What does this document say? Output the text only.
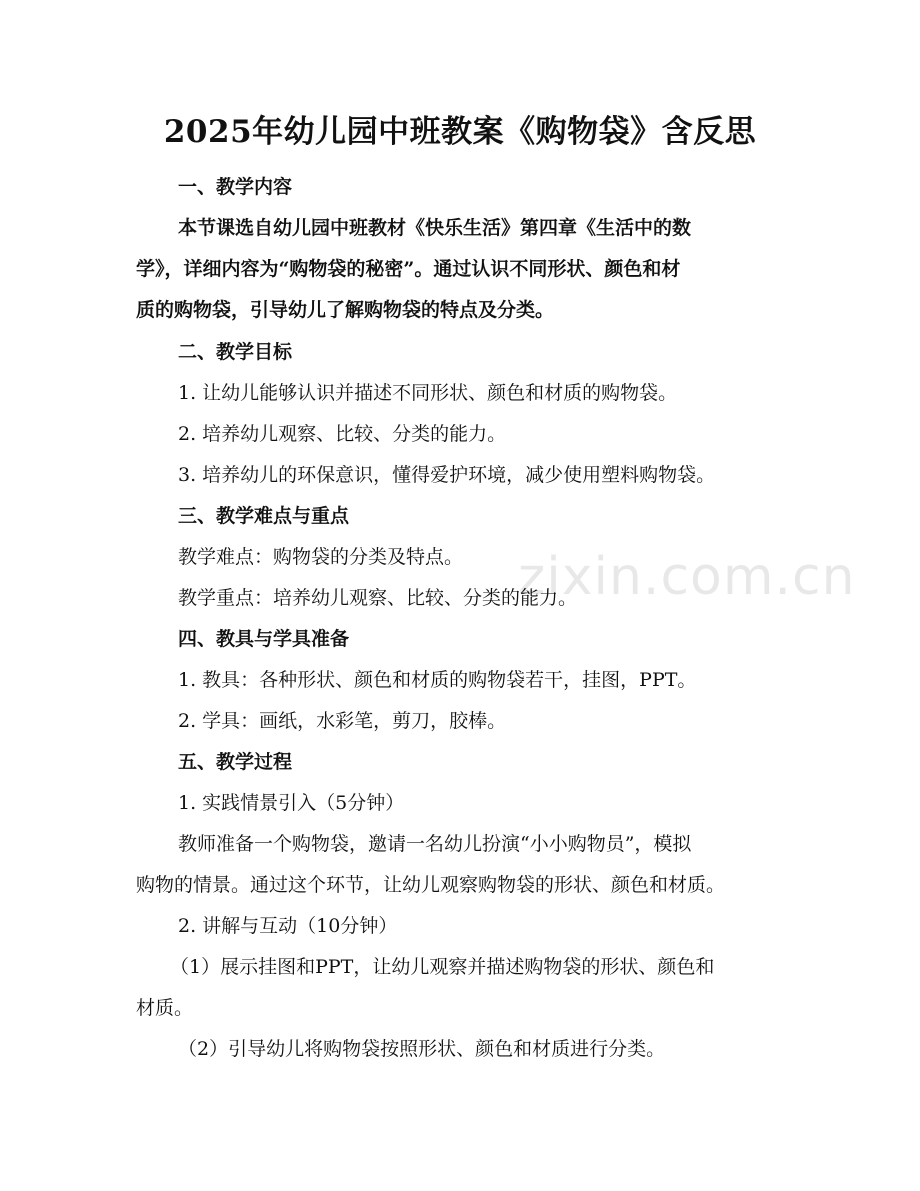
2025年幼儿园中班教案《购物袋》含反思
一、教学内容
本节课选自幼儿园中班教材《快乐生活》第四章《生活中的数
学》，详细内容为“购物袋的秘密”。通过认识不同形状、颜色和材
质的购物袋，引导幼儿了解购物袋的特点及分类。
二、教学目标
1. 让幼儿能够认识并描述不同形状、颜色和材质的购物袋。
2. 培养幼儿观察、比较、分类的能力。
3. 培养幼儿的环保意识，懂得爱护环境，减少使用塑料购物袋。
三、教学难点与重点
教学难点：购物袋的分类及特点。
教学重点：培养幼儿观察、比较、分类的能力。
四、教具与学具准备
1. 教具：各种形状、颜色和材质的购物袋若干，挂图，PPT。
2. 学具：画纸，水彩笔，剪刀，胶棒。
五、教学过程
1. 实践情景引入（5分钟）
教师准备一个购物袋，邀请一名幼儿扮演“小小购物员”，模拟
购物的情景。通过这个环节，让幼儿观察购物袋的形状、颜色和材质。
2. 讲解与互动（10分钟）
（1）展示挂图和PPT，让幼儿观察并描述购物袋的形状、颜色和
材质。
（2）引导幼儿将购物袋按照形状、颜色和材质进行分类。
zixin.com.cn
